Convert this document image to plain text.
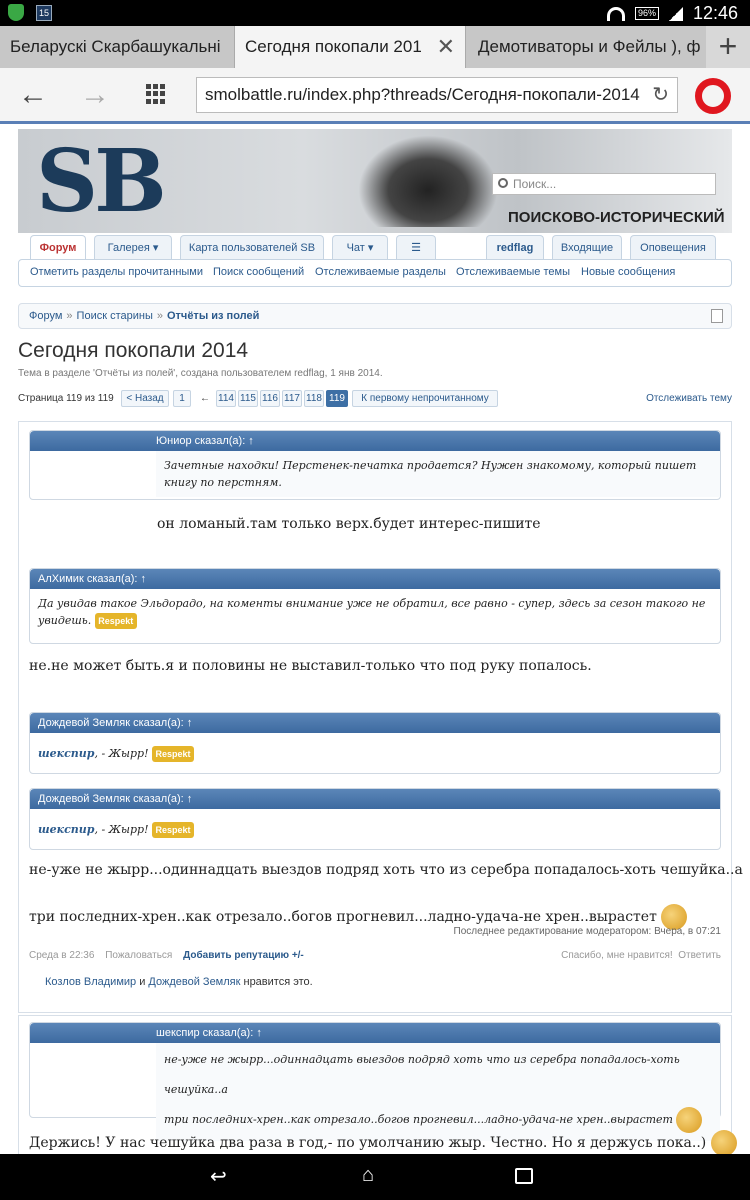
15	96% 12:46
Беларускі Скарбашукальні	Сегодня покопали 201 ✕	Демотиваторы и Фейлы ), ф +
← →	smolbattle.ru/index.php?threads/Сегодня-покопали-2014 ↻
SB	Поиск...
ПОИСКОВО-ИСТОРИЧЕСКИЙ
Форум	Галерея ▾	Карта пользователей SB	Чат ▾	☰	redflag	Входящие	Оповещения
Отметить разделы прочитанными Поиск сообщений Отслеживаемые разделы Отслеживаемые темы Новые сообщения
Форум » Поиск старины » Отчёты из полей
Сегодня покопали 2014
Тема в разделе 'Отчёты из полей', создана пользователем redflag, 1 янв 2014.
Страница 119 из 119	< Назад	1	← 114 115 116 117 118 119	К первому непрочитанному	Отслеживать тему
Юниор сказал(а): ↑
Зачетные находки! Перстенек-печатка продается? Нужен знакомому, который пишет книгу по перстням.
он ломаный.там только верх.будет интерес-пишите
АлХимик сказал(а): ↑
Да увидав такое Эльдорадо, на коменты внимание уже не обратил, все равно - супер, здесь за сезон такого не увидешь. Respekt
не.не может быть.я и половины не выставил-только что под руку попалось.
Дождевой Земляк сказал(а): ↑
шекспир, - Жырр! Respekt
Дождевой Земляк сказал(а): ↑
шекспир, - Жырр! Respekt
не-уже не жырр...одиннадцать выездов подряд хоть что из серебра попадалось-хоть чешуйка..а
три последних-хрен..как отрезало..богов прогневил...ладно-удача-не хрен..вырастет
Последнее редактирование модератором: Вчера, в 07:21
Среда в 22:36 Пожаловаться Добавить репутацию +/-	Спасибо, мне нравится! Ответить
Козлов Владимир и Дождевой Земляк нравится это.
шекспир сказал(а): ↑
не-уже не жырр...одиннадцать выездов подряд хоть что из серебра попадалось-хоть чешуйка..а
три последних-хрен..как отрезало..богов прогневил...ладно-удача-не хрен..вырастет
Держись! У нас чешуйка два раза в год,- по умолчанию жыр. Честно. Но я держусь пока..)
↩	⌂
